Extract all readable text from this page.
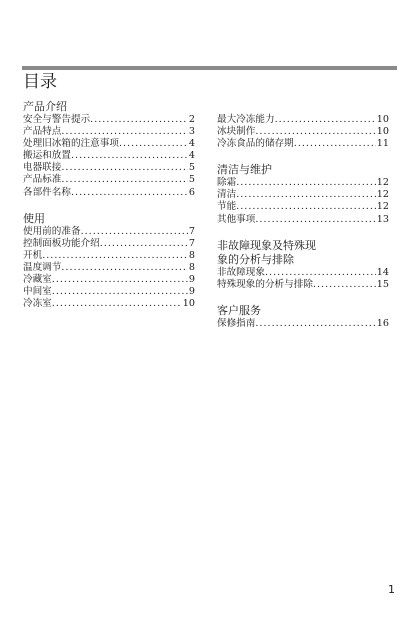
目录
产品介绍
安全与警告提示 .....	2
产品特点 .....	3
处理旧冰箱的注意事项 .....	4
搬运和放置 .....	4
电器联接 .....	5
产品标准 .....	5
各部件名称 .....	6
使用
使用前的准备 .....	7
控制面板功能介绍 .....	7
开机 .....	8
温度调节 .....	8
冷藏室 .....	9
中间室 .....	9
冷冻室 .....	10
最大冷冻能力 .....	10
冰块制作 .....	10
冷冻食品的储存期 .....	11
清洁与维护
除霜 .....	12
清洁 .....	12
节能 .....	12
其他事项 .....	13
非故障现象及特殊现
象的分析与排除
非故障现象 .....	14
特殊现象的分析与排除 .....	15
客户服务
保修指南 .....	16
1
